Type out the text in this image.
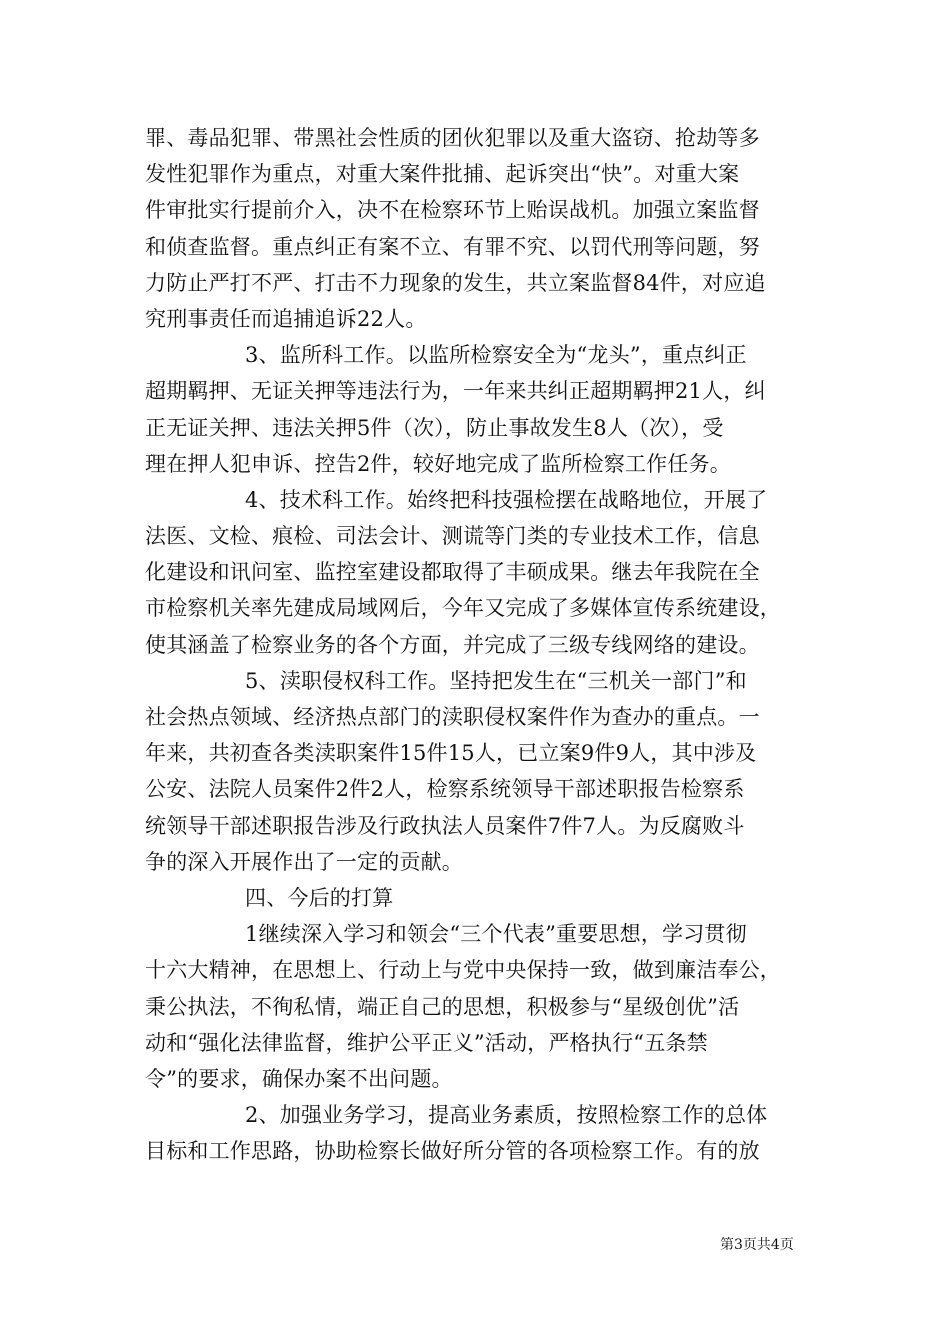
罪、毒品犯罪、带黑社会性质的团伙犯罪以及重大盗窃、抢劫等多
发性犯罪作为重点，对重大案件批捕、起诉突出“快”。对重大案
件审批实行提前介入，决不在检察环节上贻误战机。加强立案监督
和侦查监督。重点纠正有案不立、有罪不究、以罚代刑等问题，努
力防止严打不严、打击不力现象的发生，共立案监督84件，对应追
究刑事责任而追捕追诉22人。
3、监所科工作。以监所检察安全为“龙头”，重点纠正
超期羁押、无证关押等违法行为，一年来共纠正超期羁押21人，纠
正无证关押、违法关押5件（次），防止事故发生8人（次），受
理在押人犯申诉、控告2件，较好地完成了监所检察工作任务。
4、技术科工作。始终把科技强检摆在战略地位，开展了
法医、文检、痕检、司法会计、测谎等门类的专业技术工作，信息
化建设和讯问室、监控室建设都取得了丰硕成果。继去年我院在全
市检察机关率先建成局域网后，今年又完成了多媒体宣传系统建设，
使其涵盖了检察业务的各个方面，并完成了三级专线网络的建设。
5、渎职侵权科工作。坚持把发生在“三机关一部门”和
社会热点领域、经济热点部门的渎职侵权案件作为查办的重点。一
年来，共初查各类渎职案件15件15人，已立案9件9人，其中涉及
公安、法院人员案件2件2人，检察系统领导干部述职报告检察系
统领导干部述职报告涉及行政执法人员案件7件7人。为反腐败斗
争的深入开展作出了一定的贡献。
四、今后的打算
1继续深入学习和领会“三个代表”重要思想，学习贯彻
十六大精神，在思想上、行动上与党中央保持一致，做到廉洁奉公，
秉公执法，不徇私情，端正自己的思想，积极参与“星级创优”活
动和“强化法律监督，维护公平正义”活动，严格执行“五条禁
令”的要求，确保办案不出问题。
2、加强业务学习，提高业务素质，按照检察工作的总体
目标和工作思路，协助检察长做好所分管的各项检察工作。有的放
第3页共4页
